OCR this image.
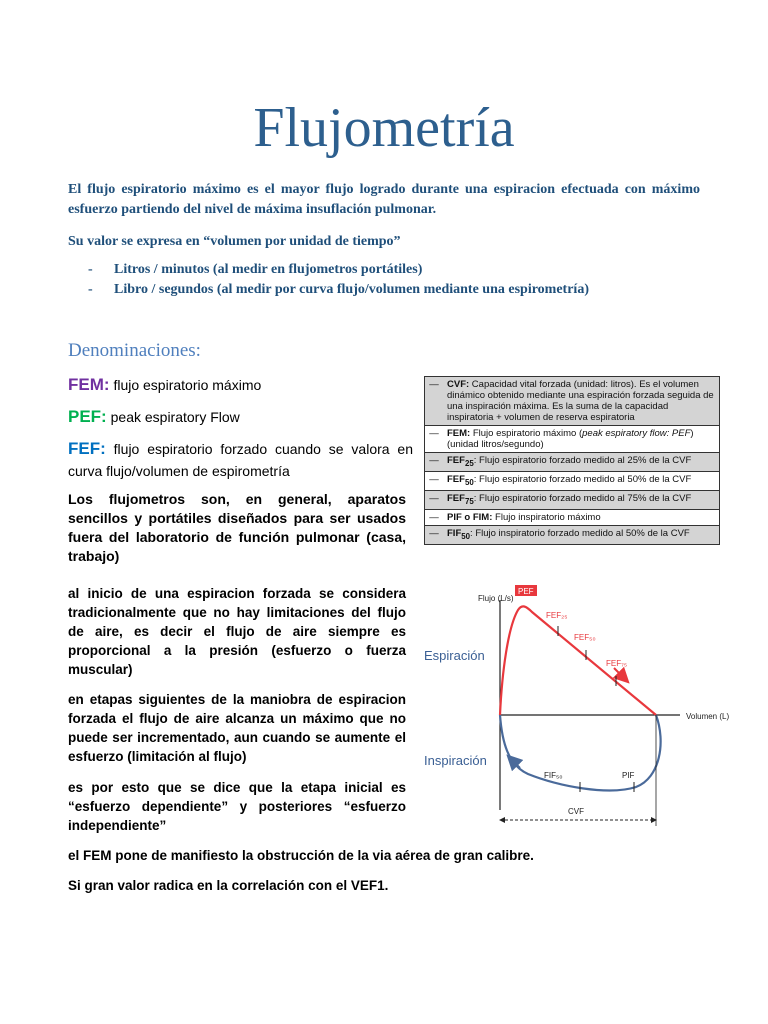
Flujometría

El flujo espiratorio máximo es el mayor flujo logrado durante una espiracion efectuada con máximo esfuerzo partiendo del nivel de máxima insuflación pulmonar.

Su valor se expresa en “volumen por unidad de tiempo”

- Litros / minutos (al medir en flujometros portátiles)
- Libro / segundos (al medir por curva flujo/volumen mediante una espirometría)
Denominaciones:

FEM: flujo espiratorio máximo

PEF: peak espiratory Flow

FEF: flujo espiratorio forzado cuando se valora en curva flujo/volumen de espirometría

Los flujometros son, en general, aparatos sencillos y portátiles diseñados para ser usados fuera del laboratorio de función pulmonar (casa, trabajo)

—	CVF: Capacidad vital forzada (unidad: litros). Es el volumen dinámico obtenido mediante una espiración forzada seguida de una inspiración máxima. Es la suma de la capacidad inspiratoria + volumen de reserva espiratoria
—	FEM: Flujo espiratorio máximo (peak espiratory flow: PEF) (unidad litros/segundo)
—	$FEF_{25}$: Flujo espiratorio forzado medido al 25% de la CVF
—	$FEF_{50}$: Flujo espiratorio forzado medido al 50% de la CVF
—	$FEF_{75}$: Flujo espiratorio forzado medido al 75% de la CVF
—	PIF o FIM: Flujo inspiratorio máximo
—	$FIF_{50}$: Flujo inspiratorio forzado medido al 50% de la CVF

al inicio de una espiracion forzada se considera tradicionalmente que no hay limitaciones del flujo de aire, es decir el flujo de aire siempre es proporcional a la presión (esfuerzo o fuerza muscular)

en etapas siguientes de la maniobra de espiracion forzada el flujo de aire alcanza un máximo que no puede ser incrementado, aun cuando se aumente el esfuerzo (limitación al flujo)

es por esto que se dice que la etapa inicial es “esfuerzo dependiente” y posteriores “esfuerzo independiente”

el FEM pone de manifiesto la obstrucción de la via aérea de gran calibre.

Si gran valor radica en la correlación con el VEF1.

Flujo (L/s)
Volumen (L)
Espiración
Inspiración
PEF
FEF₂₅
FEF₅₀
FEF₇₅
FIF₅₀	PIF
CVF
